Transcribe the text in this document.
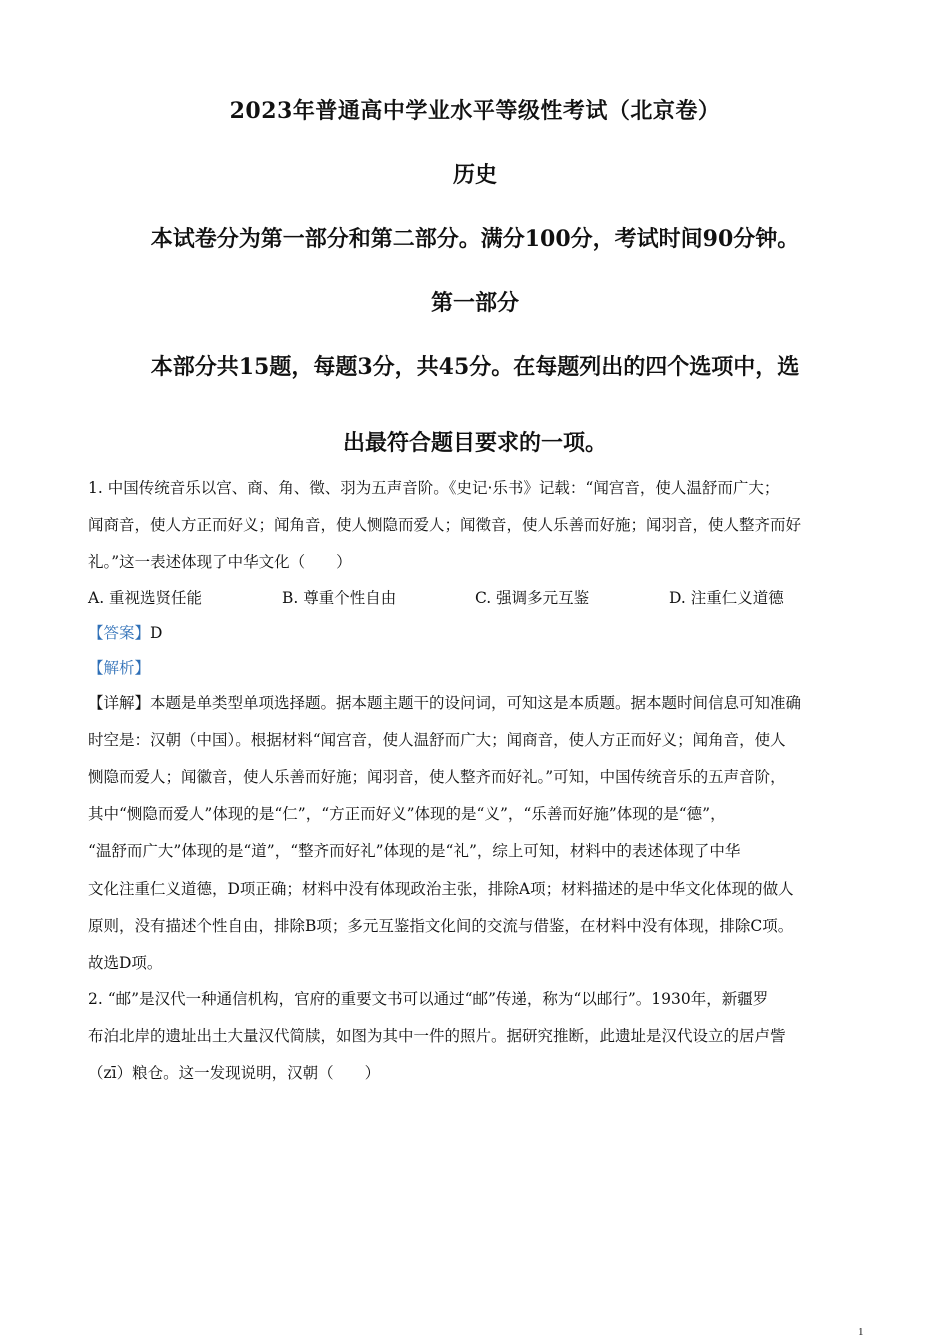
2023年普通高中学业水平等级性考试（北京卷）
历史
本试卷分为第一部分和第二部分。满分100分，考试时间90分钟。
第一部分
本部分共15题，每题3分，共45分。在每题列出的四个选项中，选
出最符合题目要求的一项。
1. 中国传统音乐以宫、商、角、徵、羽为五声音阶。《史记·乐书》记载：“闻宫音，使人温舒而广大；
闻商音，使人方正而好义；闻角音，使人恻隐而爱人；闻徵音，使人乐善而好施；闻羽音，使人整齐而好
礼。”这一表述体现了中华文化（　　）
A. 重视选贤任能	B. 尊重个性自由	C. 强调多元互鉴	D. 注重仁义道德
【答案】D
【解析】
【详解】本题是单类型单项选择题。据本题主题干的设问词，可知这是本质题。据本题时间信息可知准确
时空是：汉朝（中国）。根据材料“闻宫音，使人温舒而广大；闻商音，使人方正而好义；闻角音，使人
恻隐而爱人；闻徽音，使人乐善而好施；闻羽音，使人整齐而好礼。”可知，中国传统音乐的五声音阶，
其中“恻隐而爱人”体现的是“仁”，“方正而好义”体现的是“义”，“乐善而好施”体现的是“德”，
“温舒而广大”体现的是“道”，“整齐而好礼”体现的是“礼”，综上可知，材料中的表述体现了中华
文化注重仁义道德，D项正确；材料中没有体现政治主张，排除A项；材料描述的是中华文化体现的做人
原则，没有描述个性自由，排除B项；多元互鉴指文化间的交流与借鉴，在材料中没有体现，排除C项。
故选D项。
2. “邮”是汉代一种通信机构，官府的重要文书可以通过“邮”传递，称为“以邮行”。1930年，新疆罗
布泊北岸的遗址出土大量汉代简牍，如图为其中一件的照片。据研究推断，此遗址是汉代设立的居卢訾
（zī）粮仓。这一发现说明，汉朝（　　）
1
